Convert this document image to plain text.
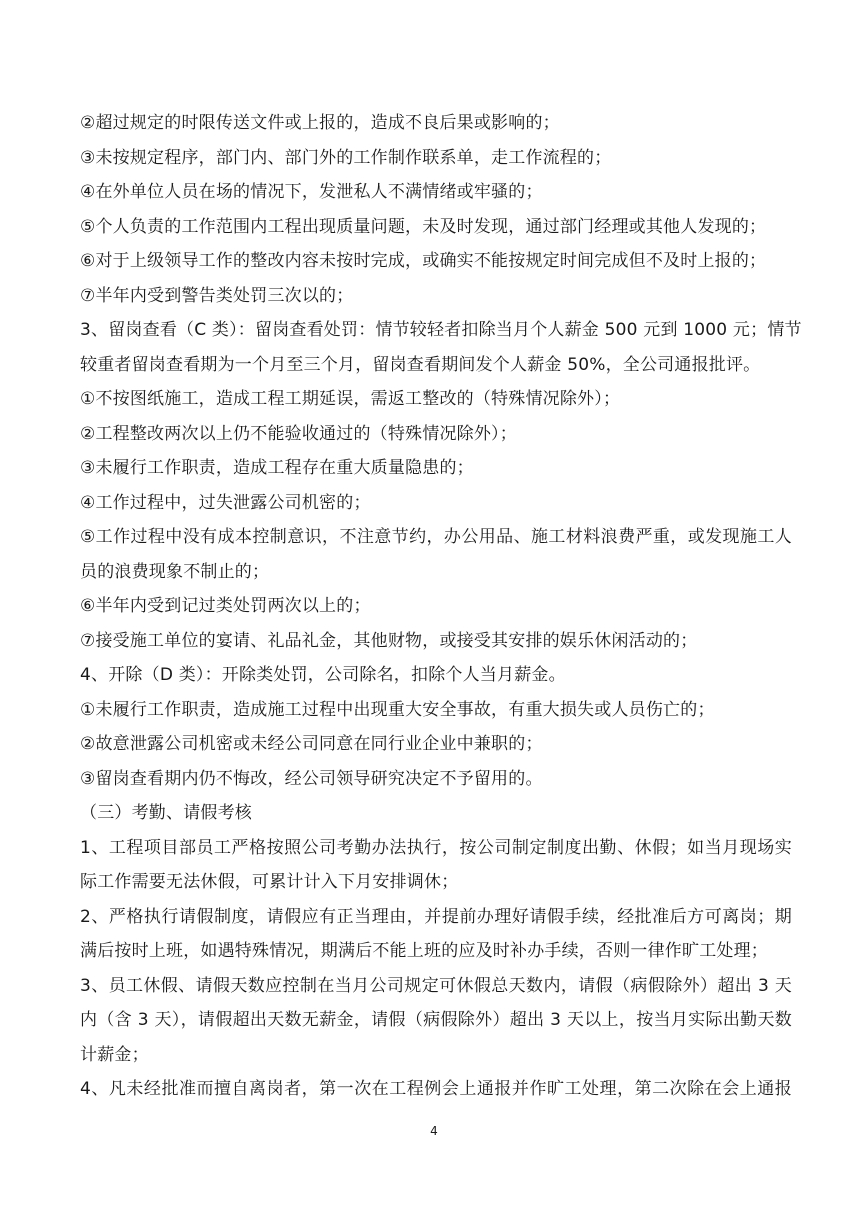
②超过规定的时限传送文件或上报的，造成不良后果或影响的；
③未按规定程序，部门内、部门外的工作制作联系单，走工作流程的；
④在外单位人员在场的情况下，发泄私人不满情绪或牢骚的；
⑤个人负责的工作范围内工程出现质量问题，未及时发现，通过部门经理或其他人发现的；
⑥对于上级领导工作的整改内容未按时完成，或确实不能按规定时间完成但不及时上报的；
⑦半年内受到警告类处罚三次以的；
3、留岗查看（C 类）：留岗查看处罚：情节较轻者扣除当月个人薪金 500 元到 1000 元；情节
较重者留岗查看期为一个月至三个月，留岗查看期间发个人薪金 50%，全公司通报批评。
①不按图纸施工，造成工程工期延误，需返工整改的（特殊情况除外）；
②工程整改两次以上仍不能验收通过的（特殊情况除外）；
③未履行工作职责，造成工程存在重大质量隐患的；
④工作过程中，过失泄露公司机密的；
⑤工作过程中没有成本控制意识，不注意节约，办公用品、施工材料浪费严重，或发现施工人
员的浪费现象不制止的；
⑥半年内受到记过类处罚两次以上的；
⑦接受施工单位的宴请、礼品礼金，其他财物，或接受其安排的娱乐休闲活动的；
4、开除（D 类）：开除类处罚，公司除名，扣除个人当月薪金。
①未履行工作职责，造成施工过程中出现重大安全事故，有重大损失或人员伤亡的；
②故意泄露公司机密或未经公司同意在同行业企业中兼职的；
③留岗查看期内仍不悔改，经公司领导研究决定不予留用的。
（三）考勤、请假考核
1、工程项目部员工严格按照公司考勤办法执行，按公司制定制度出勤、休假；如当月现场实
际工作需要无法休假，可累计计入下月安排调休；
2、严格执行请假制度，请假应有正当理由，并提前办理好请假手续，经批准后方可离岗；期
满后按时上班，如遇特殊情况，期满后不能上班的应及时补办手续，否则一律作旷工处理；
3、员工休假、请假天数应控制在当月公司规定可休假总天数内，请假（病假除外）超出 3 天
内（含 3 天），请假超出天数无薪金，请假（病假除外）超出 3 天以上，按当月实际出勤天数
计薪金；
4、凡未经批准而擅自离岗者，第一次在工程例会上通报并作旷工处理，第二次除在会上通报
4
